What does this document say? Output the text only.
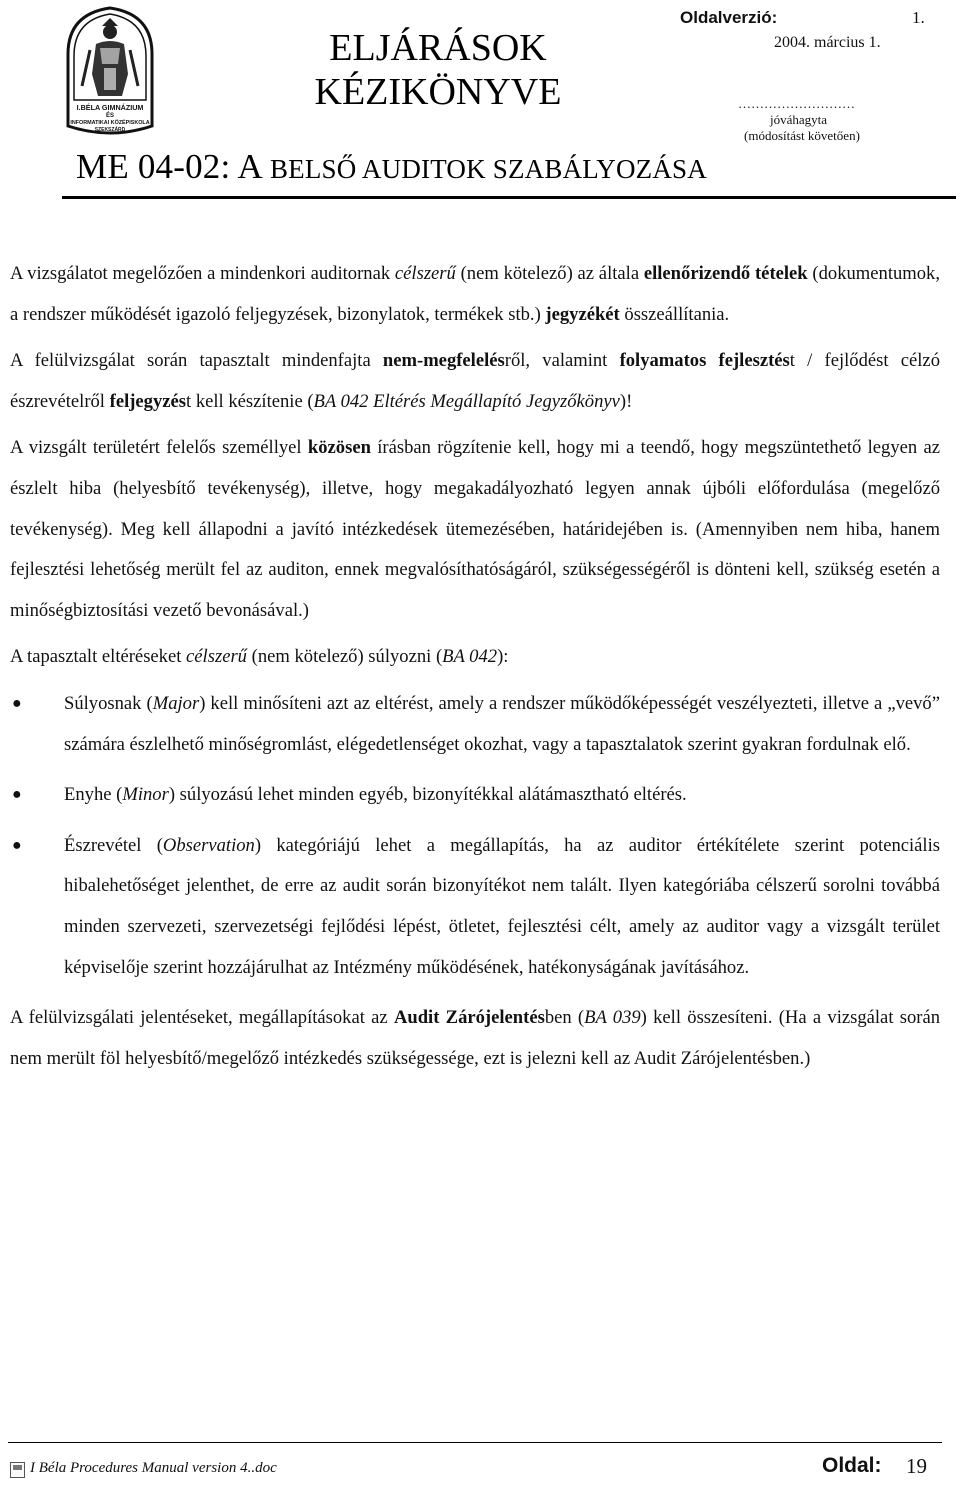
I.BÉLA GIMNÁZIUM
ÉS
INFORMATIKAI KÖZÉPISKOLA
SZEKSZÁRD
ELJÁRÁSOK
KÉZIKÖNYVE
Oldalverzió:	1.
2004. március 1.
………………………
jóváhagyta
(módosítást követően)
ME 04-02: A BELSŐ AUDITOK SZABÁLYOZÁSA

A vizsgálatot megelőzően a mindenkori auditornak célszerű (nem kötelező) az általa ellenőrizendő tételek (dokumentumok, a rendszer működését igazoló feljegyzések, bizonylatok, termékek stb.) jegyzékét összeállítania.

A felülvizsgálat során tapasztalt mindenfajta nem-megfelelésről, valamint folyamatos fejlesztést / fejlődést célzó észrevételről feljegyzést kell készítenie (BA 042 Eltérés Megállapító Jegyzőkönyv)!

A vizsgált területért felelős személlyel közösen írásban rögzítenie kell, hogy mi a teendő, hogy megszüntethető legyen az észlelt hiba (helyesbítő tevékenység), illetve, hogy megakadályozható legyen annak újbóli előfordulása (megelőző tevékenység). Meg kell állapodni a javító intézkedések ütemezésében, határidejében is. (Amennyiben nem hiba, hanem fejlesztési lehetőség merült fel az auditon, ennek megvalósíthatóságáról, szükségességéről is dönteni kell, szükség esetén a minőségbiztosítási vezető bevonásával.)

A tapasztalt eltéréseket célszerű (nem kötelező) súlyozni (BA 042):

● Súlyosnak (Major) kell minősíteni azt az eltérést, amely a rendszer működőképességét veszélyezteti, illetve a „vevő” számára észlelhető minőségromlást, elégedetlenséget okozhat, vagy a tapasztalatok szerint gyakran fordulnak elő.
● Enyhe (Minor) súlyozású lehet minden egyéb, bizonyítékkal alátámasztható eltérés.
● Észrevétel (Observation) kategóriájú lehet a megállapítás, ha az auditor értékítélete szerint potenciális hibalehetőséget jelenthet, de erre az audit során bizonyítékot nem talált. Ilyen kategóriába célszerű sorolni továbbá minden szervezeti, szervezetségi fejlődési lépést, ötletet, fejlesztési célt, amely az auditor vagy a vizsgált terület képviselője szerint hozzájárulhat az Intézmény működésének, hatékonyságának javításához.

A felülvizsgálati jelentéseket, megállapításokat az Audit Zárójelentésben (BA 039) kell összesíteni. (Ha a vizsgálat során nem merült föl helyesbítő/megelőző intézkedés szükségessége, ezt is jelezni kell az Audit Zárójelentésben.)

I Béla Procedures Manual version 4..doc	Oldal: 19
